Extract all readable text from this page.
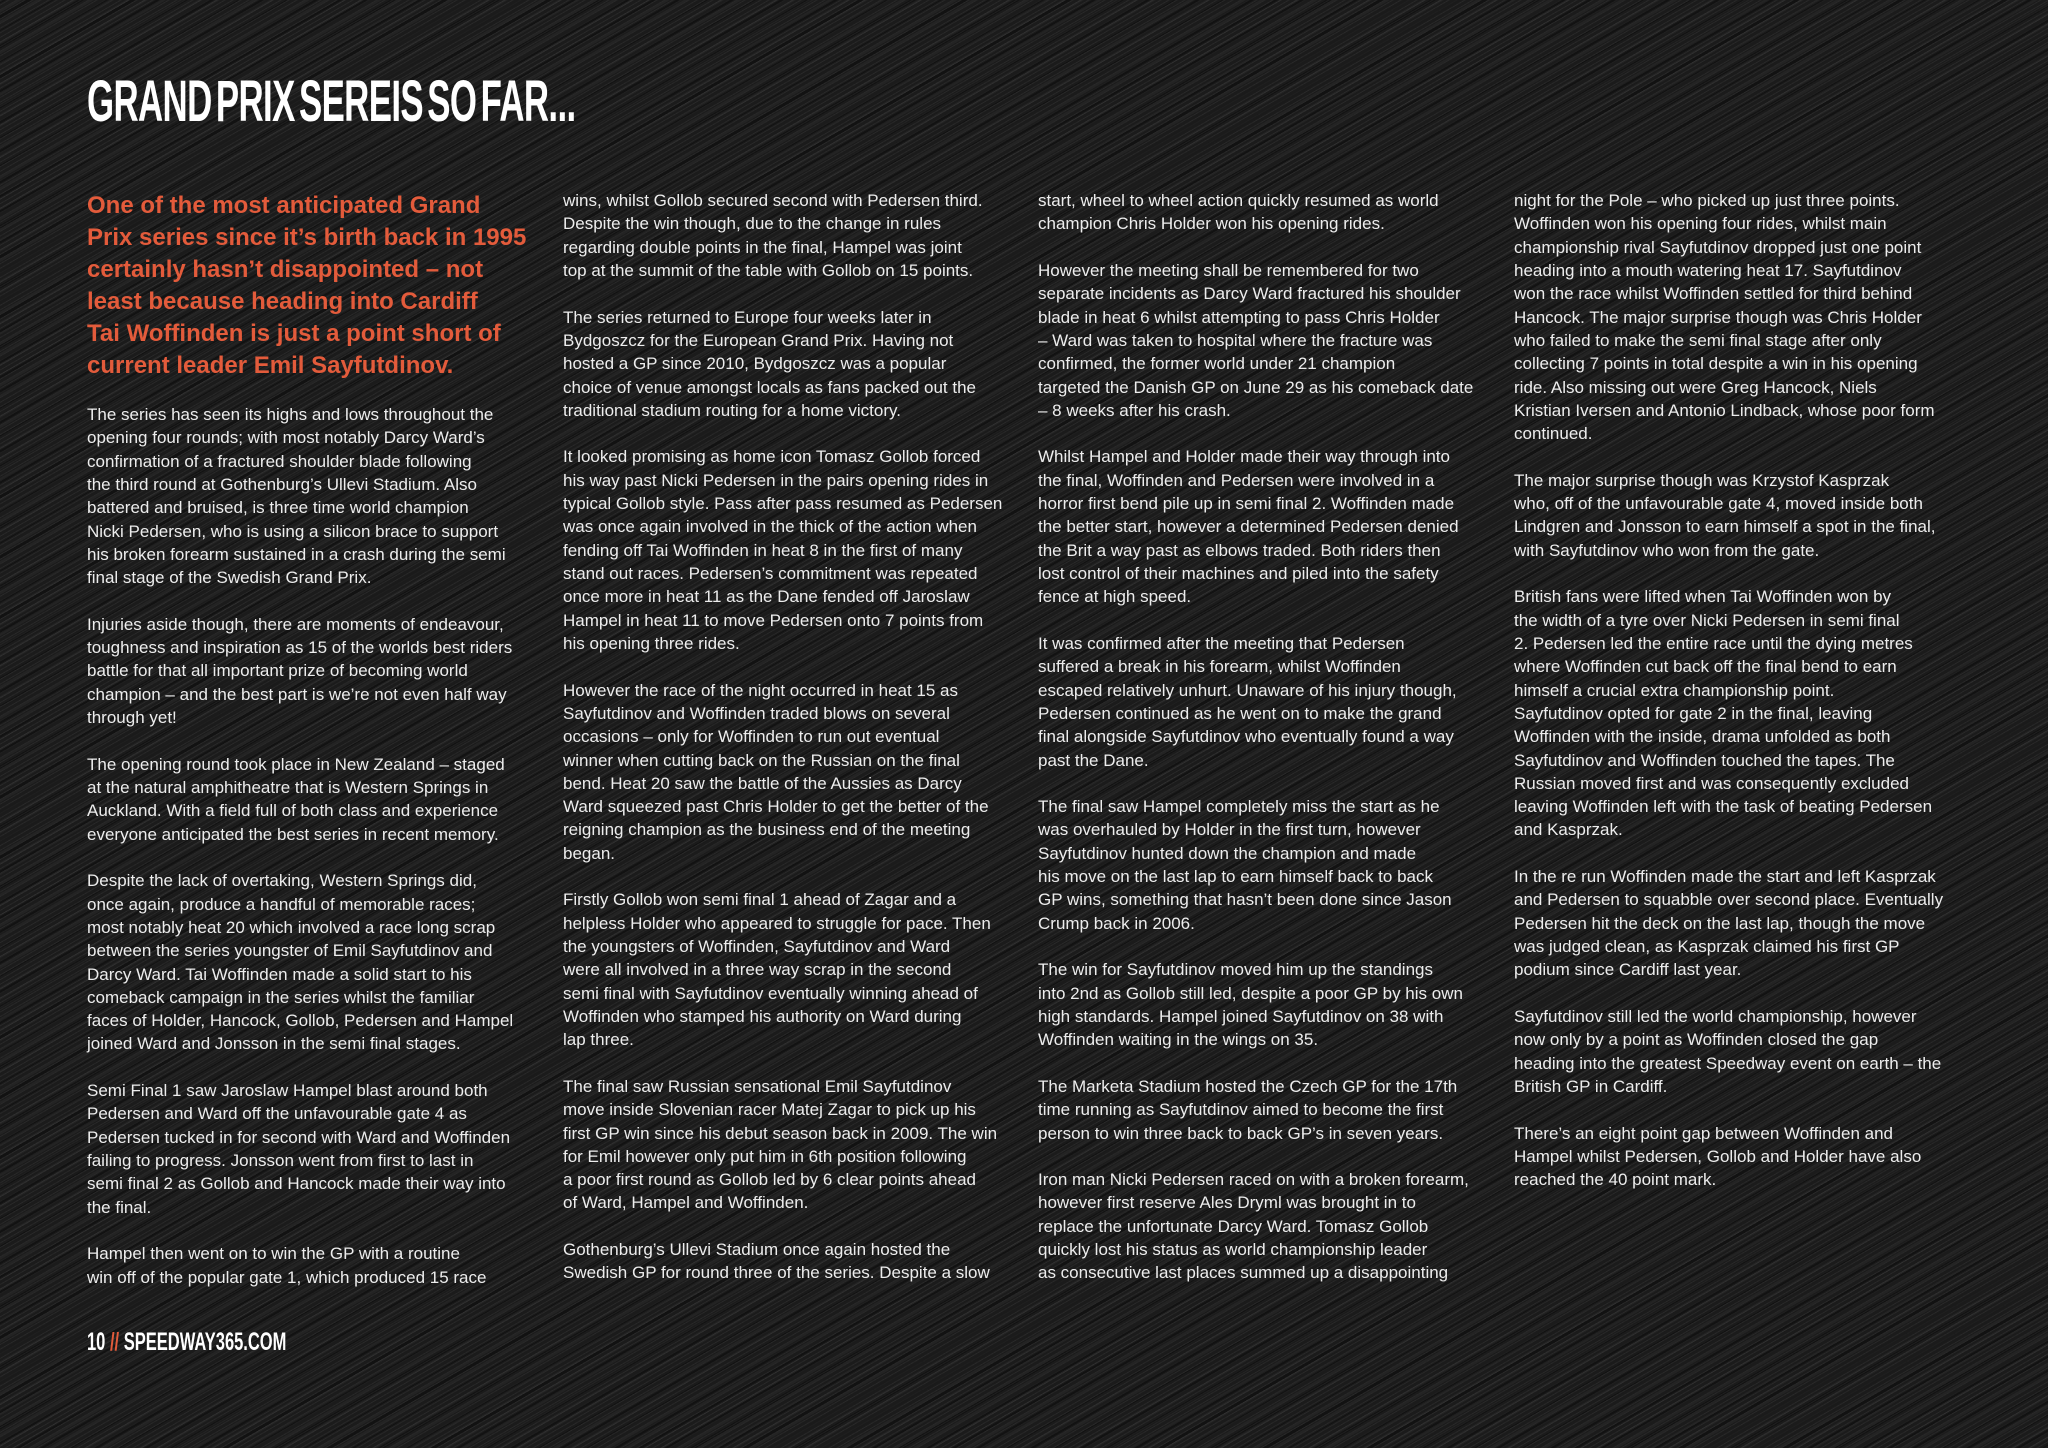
GRAND PRIX SEREIS SO FAR...

One of the most anticipated Grand
Prix series since it’s birth back in 1995
certainly hasn’t disappointed – not
least because heading into Cardiff
Tai Woffinden is just a point short of
current leader Emil Sayfutdinov.

The series has seen its highs and lows throughout the
opening four rounds; with most notably Darcy Ward’s
confirmation of a fractured shoulder blade following
the third round at Gothenburg’s Ullevi Stadium. Also
battered and bruised, is three time world champion
Nicki Pedersen, who is using a silicon brace to support
his broken forearm sustained in a crash during the semi
final stage of the Swedish Grand Prix.

Injuries aside though, there are moments of endeavour,
toughness and inspiration as 15 of the worlds best riders
battle for that all important prize of becoming world
champion – and the best part is we’re not even half way
through yet!

The opening round took place in New Zealand – staged
at the natural amphitheatre that is Western Springs in
Auckland. With a field full of both class and experience
everyone anticipated the best series in recent memory.

Despite the lack of overtaking, Western Springs did,
once again, produce a handful of memorable races;
most notably heat 20 which involved a race long scrap
between the series youngster of Emil Sayfutdinov and
Darcy Ward. Tai Woffinden made a solid start to his
comeback campaign in the series whilst the familiar
faces of Holder, Hancock, Gollob, Pedersen and Hampel
joined Ward and Jonsson in the semi final stages.

Semi Final 1 saw Jaroslaw Hampel blast around both
Pedersen and Ward off the unfavourable gate 4 as
Pedersen tucked in for second with Ward and Woffinden
failing to progress. Jonsson went from first to last in
semi final 2 as Gollob and Hancock made their way into
the final.

Hampel then went on to win the GP with a routine
win off of the popular gate 1, which produced 15 race

wins, whilst Gollob secured second with Pedersen third.
Despite the win though, due to the change in rules
regarding double points in the final, Hampel was joint
top at the summit of the table with Gollob on 15 points.

The series returned to Europe four weeks later in
Bydgoszcz for the European Grand Prix. Having not
hosted a GP since 2010, Bydgoszcz was a popular
choice of venue amongst locals as fans packed out the
traditional stadium routing for a home victory.

It looked promising as home icon Tomasz Gollob forced
his way past Nicki Pedersen in the pairs opening rides in
typical Gollob style. Pass after pass resumed as Pedersen
was once again involved in the thick of the action when
fending off Tai Woffinden in heat 8 in the first of many
stand out races. Pedersen’s commitment was repeated
once more in heat 11 as the Dane fended off Jaroslaw
Hampel in heat 11 to move Pedersen onto 7 points from
his opening three rides.

However the race of the night occurred in heat 15 as
Sayfutdinov and Woffinden traded blows on several
occasions – only for Woffinden to run out eventual
winner when cutting back on the Russian on the final
bend. Heat 20 saw the battle of the Aussies as Darcy
Ward squeezed past Chris Holder to get the better of the
reigning champion as the business end of the meeting
began.

Firstly Gollob won semi final 1 ahead of Zagar and a
helpless Holder who appeared to struggle for pace. Then
the youngsters of Woffinden, Sayfutdinov and Ward
were all involved in a three way scrap in the second
semi final with Sayfutdinov eventually winning ahead of
Woffinden who stamped his authority on Ward during
lap three.

The final saw Russian sensational Emil Sayfutdinov
move inside Slovenian racer Matej Zagar to pick up his
first GP win since his debut season back in 2009. The win
for Emil however only put him in 6th position following
a poor first round as Gollob led by 6 clear points ahead
of Ward, Hampel and Woffinden.

Gothenburg’s Ullevi Stadium once again hosted the
Swedish GP for round three of the series. Despite a slow

start, wheel to wheel action quickly resumed as world
champion Chris Holder won his opening rides.

However the meeting shall be remembered for two
separate incidents as Darcy Ward fractured his shoulder
blade in heat 6 whilst attempting to pass Chris Holder
– Ward was taken to hospital where the fracture was
confirmed, the former world under 21 champion
targeted the Danish GP on June 29 as his comeback date
– 8 weeks after his crash.

Whilst Hampel and Holder made their way through into
the final, Woffinden and Pedersen were involved in a
horror first bend pile up in semi final 2. Woffinden made
the better start, however a determined Pedersen denied
the Brit a way past as elbows traded. Both riders then
lost control of their machines and piled into the safety
fence at high speed.

It was confirmed after the meeting that Pedersen
suffered a break in his forearm, whilst Woffinden
escaped relatively unhurt. Unaware of his injury though,
Pedersen continued as he went on to make the grand
final alongside Sayfutdinov who eventually found a way
past the Dane.

The final saw Hampel completely miss the start as he
was overhauled by Holder in the first turn, however
Sayfutdinov hunted down the champion and made
his move on the last lap to earn himself back to back
GP wins, something that hasn’t been done since Jason
Crump back in 2006.

The win for Sayfutdinov moved him up the standings
into 2nd as Gollob still led, despite a poor GP by his own
high standards. Hampel joined Sayfutdinov on 38 with
Woffinden waiting in the wings on 35.

The Marketa Stadium hosted the Czech GP for the 17th
time running as Sayfutdinov aimed to become the first
person to win three back to back GP’s in seven years.

Iron man Nicki Pedersen raced on with a broken forearm,
however first reserve Ales Dryml was brought in to
replace the unfortunate Darcy Ward. Tomasz Gollob
quickly lost his status as world championship leader
as consecutive last places summed up a disappointing

night for the Pole – who picked up just three points.
Woffinden won his opening four rides, whilst main
championship rival Sayfutdinov dropped just one point
heading into a mouth watering heat 17. Sayfutdinov
won the race whilst Woffinden settled for third behind
Hancock. The major surprise though was Chris Holder
who failed to make the semi final stage after only
collecting 7 points in total despite a win in his opening
ride. Also missing out were Greg Hancock, Niels
Kristian Iversen and Antonio Lindback, whose poor form
continued.

The major surprise though was Krzystof Kasprzak
who, off of the unfavourable gate 4, moved inside both
Lindgren and Jonsson to earn himself a spot in the final,
with Sayfutdinov who won from the gate.

British fans were lifted when Tai Woffinden won by
the width of a tyre over Nicki Pedersen in semi final
2. Pedersen led the entire race until the dying metres
where Woffinden cut back off the final bend to earn
himself a crucial extra championship point.
Sayfutdinov opted for gate 2 in the final, leaving
Woffinden with the inside, drama unfolded as both
Sayfutdinov and Woffinden touched the tapes. The
Russian moved first and was consequently excluded
leaving Woffinden left with the task of beating Pedersen
and Kasprzak.

In the re run Woffinden made the start and left Kasprzak
and Pedersen to squabble over second place. Eventually
Pedersen hit the deck on the last lap, though the move
was judged clean, as Kasprzak claimed his first GP
podium since Cardiff last year.

Sayfutdinov still led the world championship, however
now only by a point as Woffinden closed the gap
heading into the greatest Speedway event on earth – the
British GP in Cardiff.

There’s an eight point gap between Woffinden and
Hampel whilst Pedersen, Gollob and Holder have also
reached the 40 point mark.

10 // SPEEDWAY365.COM
